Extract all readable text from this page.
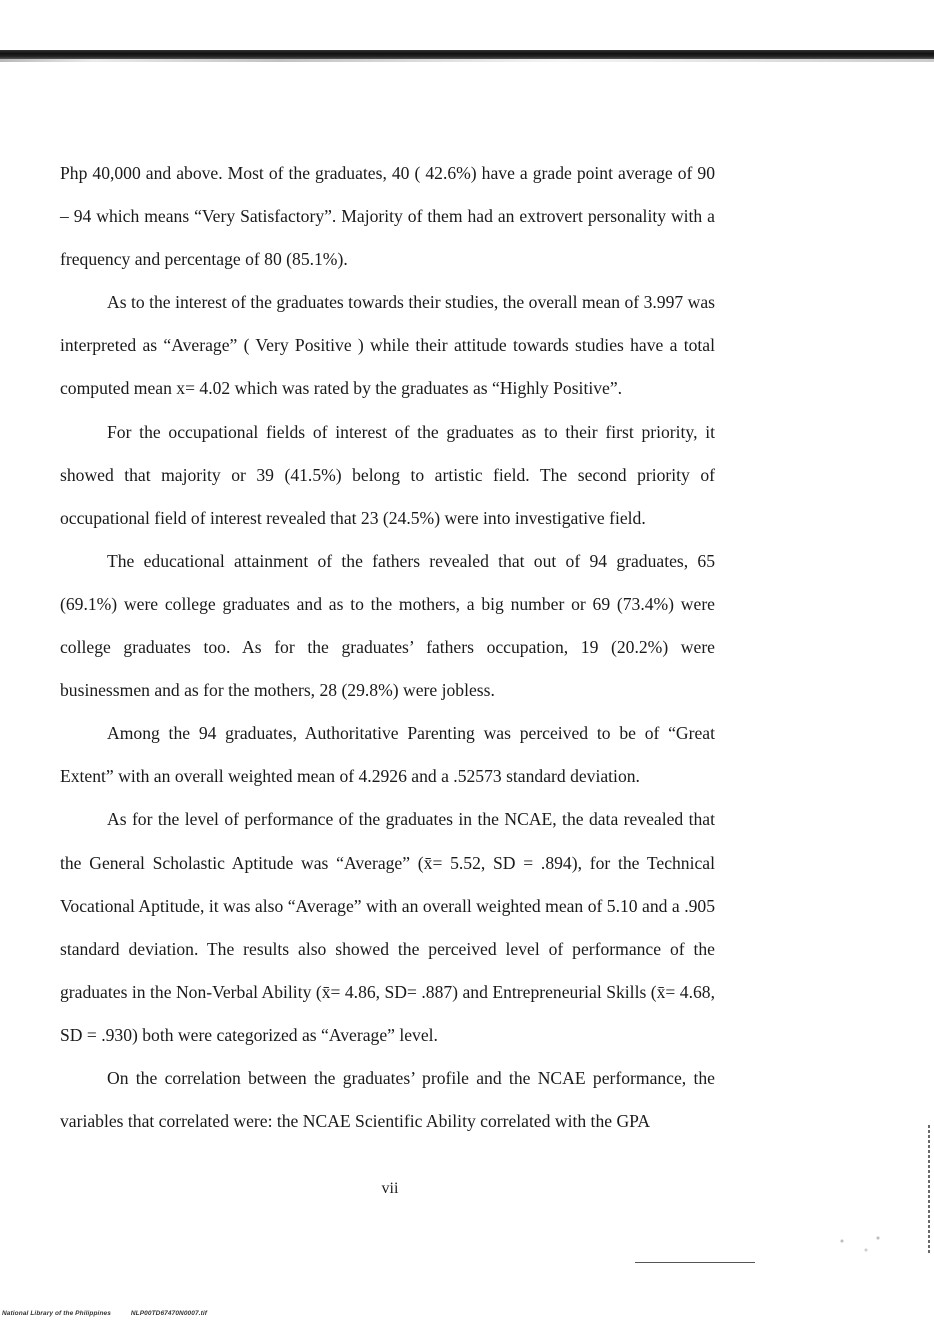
Php 40,000 and above. Most of the graduates, 40 ( 42.6%) have a grade point average of 90 – 94 which means “Very Satisfactory”. Majority of them had an extrovert personality with a frequency and percentage of 80 (85.1%).

As to the interest of the graduates towards their studies, the overall mean of 3.997 was interpreted as “Average” ( Very Positive ) while their attitude towards studies have a total computed mean x= 4.02 which was rated by the graduates as “Highly Positive”.

For the occupational fields of interest of the graduates as to their first priority, it showed that majority or 39 (41.5%) belong to artistic field. The second priority of occupational field of interest revealed that 23 (24.5%) were into investigative field.

The educational attainment of the fathers revealed that out of 94 graduates, 65 (69.1%) were college graduates and as to the mothers, a big number or 69 (73.4%) were college graduates too. As for the graduates’ fathers occupation, 19 (20.2%) were businessmen and as for the mothers, 28 (29.8%) were jobless.

Among the 94 graduates, Authoritative Parenting was perceived to be of “Great Extent” with an overall weighted mean of 4.2926 and a .52573 standard deviation.

As for the level of performance of the graduates in the NCAE, the data revealed that the General Scholastic Aptitude was “Average” (x̄= 5.52, SD = .894), for the Technical Vocational Aptitude, it was also “Average” with an overall weighted mean of 5.10 and a .905 standard deviation. The results also showed the perceived level of performance of the graduates in the Non-Verbal Ability (x̄= 4.86, SD= .887) and Entrepreneurial Skills (x̄= 4.68, SD = .930) both were categorized as “Average” level.

On the correlation between the graduates’ profile and the NCAE performance, the variables that correlated were: the NCAE Scientific Ability correlated with the GPA

vii
National Library of the Philippines	NLP00TD67470N0007.tif
